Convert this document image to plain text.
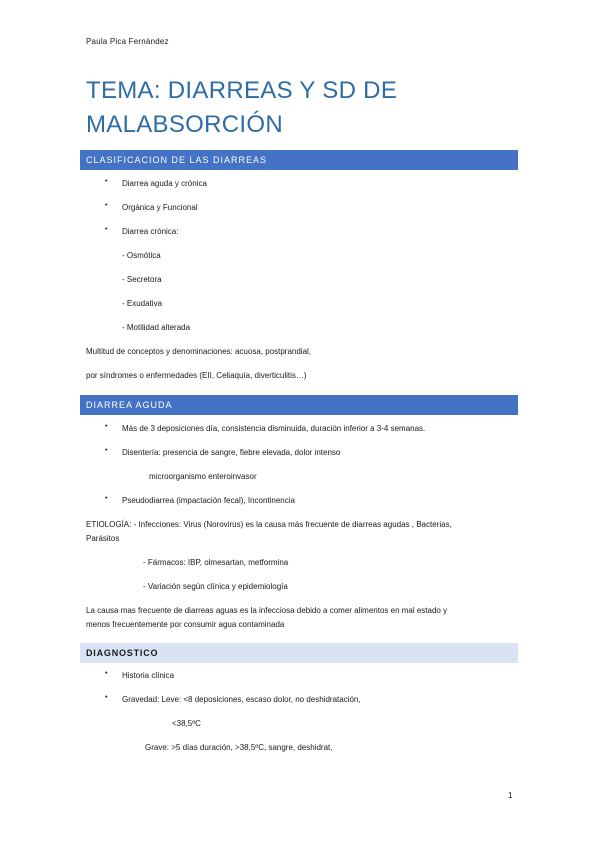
Paula Pica Fernández
TEMA: DIARREAS Y SD DE MALABSORCIÓN
CLASIFICACION DE LAS DIARREAS
• Diarrea aguda y crónica
• Orgánica y Funcional
• Diarrea crónica:
- Osmótica
- Secretora
- Exudativa
- Motilidad alterada
Multitud de conceptos y denominaciones: acuosa, postprandial,
por síndromes o enfermedades (EII, Celiaquía, diverticulitis…)
DIARREA AGUDA
• Más de 3 deposiciones día, consistencia disminuida, duración inferior a 3-4 semanas.
• Disentería: presencia de sangre, fiebre elevada, dolor intenso
microorganismo enteroinvasor
• Pseudodiarrea (impactación fecal), Incontinencia
ETIOLOGÍA: - Infecciones: Virus (Norovirus) es la causa más frecuente de diarreas agudas , Bacterias,
Parásitos
- Fármacos: IBP, olmesartan, metformina
- Variación según clínica y epidemiología
La causa mas frecuente de diarreas aguas es la infecciosa debido a comer alimentos en mal estado y
menos frecuentemente por consumir agua contaminada
DIAGNOSTICO
• Historia clínica
• Gravedad: Leve: <8 deposiciones, escaso dolor, no deshidratación,
<38,5ºC
Grave: >5 días duración, >38,5ºC, sangre, deshidrat,
1
